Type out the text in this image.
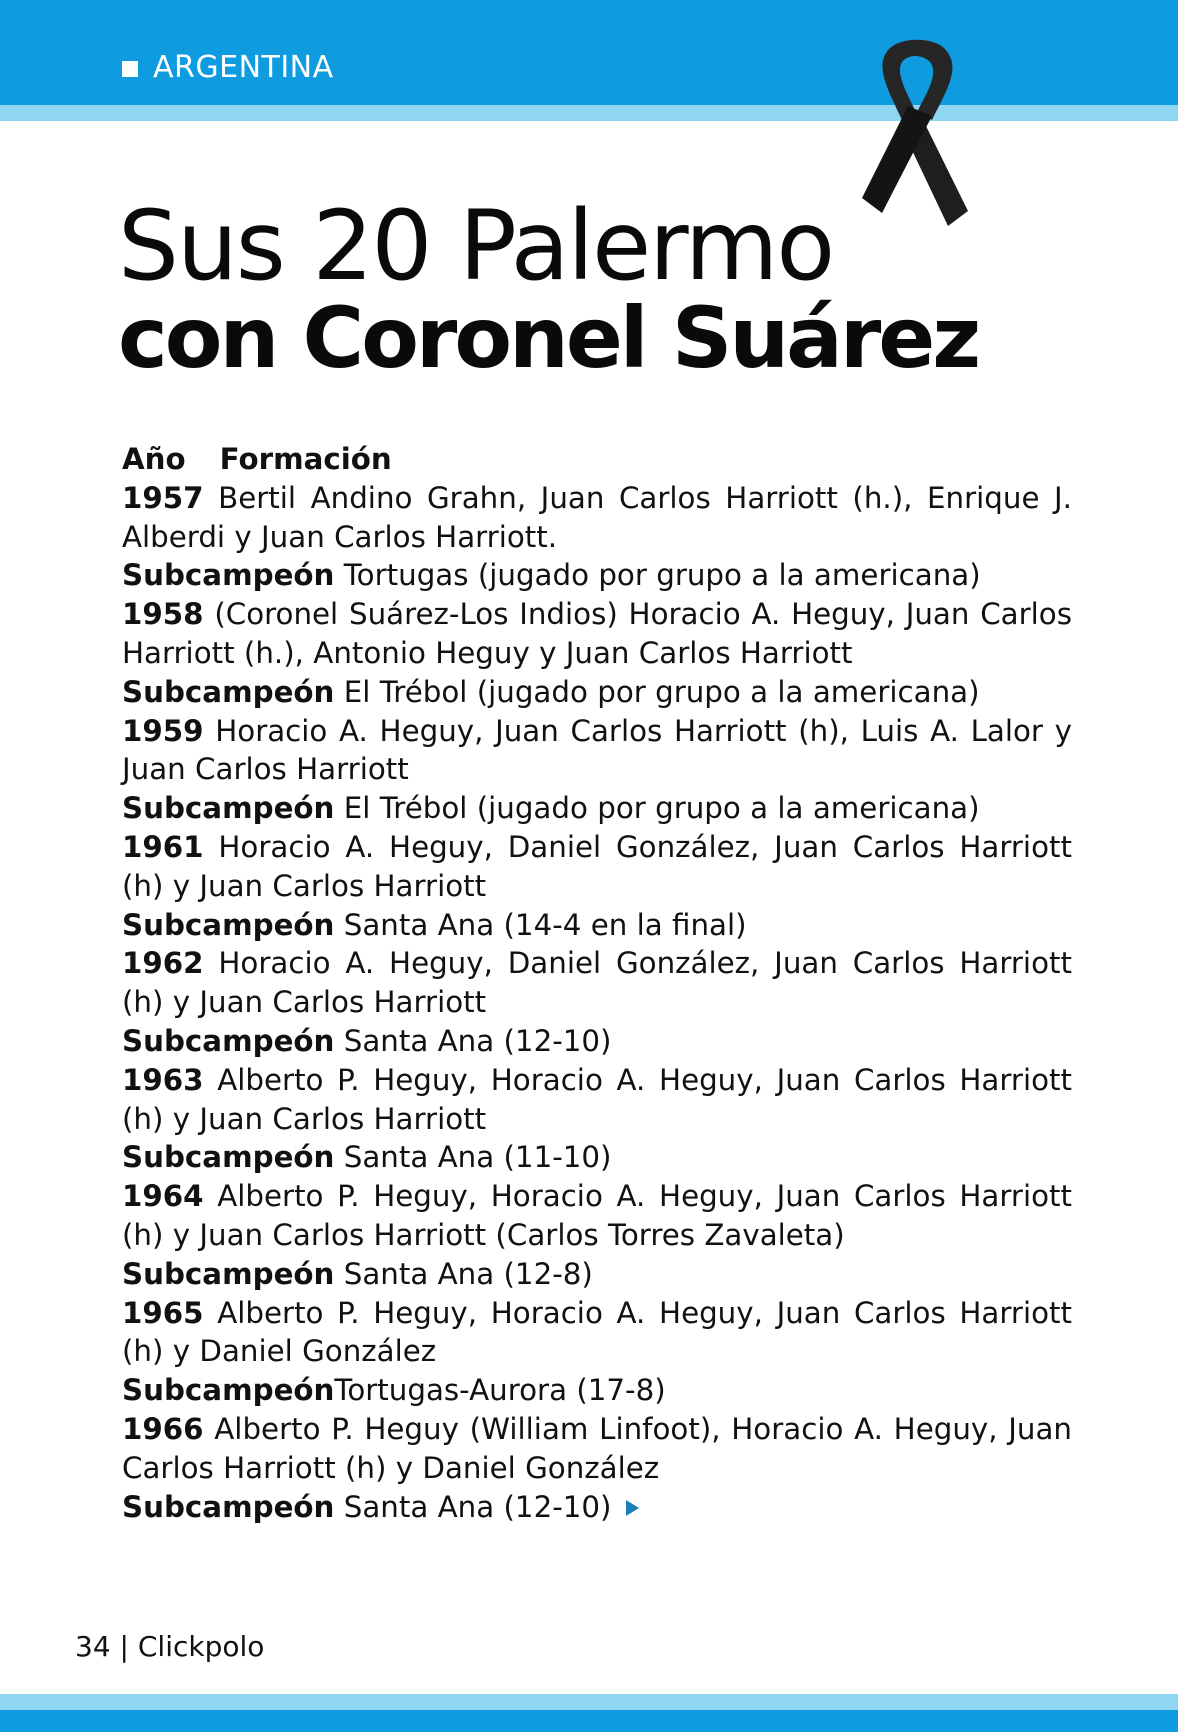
ARGENTINA
Sus 20 Palermo
con Coronel Suárez

Año Formación

1957 Bertil Andino Grahn, Juan Carlos Harriott (h.), Enrique J. Alberdi y Juan Carlos Harriott.

Subcampeón Tortugas (jugado por grupo a la americana)

1958 (Coronel Suárez-Los Indios) Horacio A. Heguy, Juan Carlos Harriott (h.), Antonio Heguy y Juan Carlos Harriott

Subcampeón El Trébol (jugado por grupo a la americana)

1959 Horacio A. Heguy, Juan Carlos Harriott (h), Luis A. Lalor y Juan Carlos Harriott

Subcampeón El Trébol (jugado por grupo a la americana)

1961 Horacio A. Heguy, Daniel González, Juan Carlos Harriott (h) y Juan Carlos Harriott

Subcampeón Santa Ana (14-4 en la final)

1962 Horacio A. Heguy, Daniel González, Juan Carlos Harriott (h) y Juan Carlos Harriott

Subcampeón Santa Ana (12-10)

1963 Alberto P. Heguy, Horacio A. Heguy, Juan Carlos Harriott (h) y Juan Carlos Harriott

Subcampeón Santa Ana (11-10)

1964 Alberto P. Heguy, Horacio A. Heguy, Juan Carlos Harriott (h) y Juan Carlos Harriott (Carlos Torres Zavaleta)

Subcampeón Santa Ana (12-8)

1965 Alberto P. Heguy, Horacio A. Heguy, Juan Carlos Harriott (h) y Daniel González

SubcampeónTortugas-Aurora (17-8)

1966 Alberto P. Heguy (William Linfoot), Horacio A. Heguy, Juan Carlos Harriott (h) y Daniel González

Subcampeón Santa Ana (12-10)

34 | Clickpolo
